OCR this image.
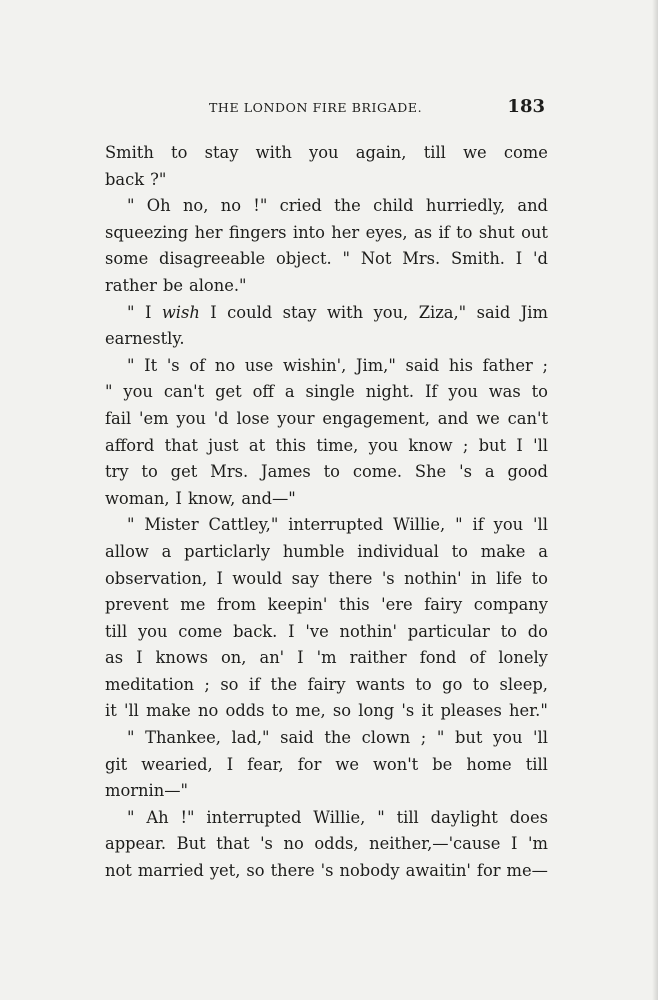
THE LONDON FIRE BRIGADE.	183
Smith to stay with you again, till we come
back ?"
" Oh no, no !" cried the child hurriedly, and
squeezing her fingers into her eyes, as if to shut out
some disagreeable object. " Not Mrs. Smith. I 'd
rather be alone."
" I wish I could stay with you, Ziza," said Jim
earnestly.
" It 's of no use wishin', Jim," said his father ;
" you can't get off a single night. If you was to
fail 'em you 'd lose your engagement, and we can't
afford that just at this time, you know ; but I 'll
try to get Mrs. James to come. She 's a good
woman, I know, and—"
" Mister Cattley," interrupted Willie, " if you 'll
allow a particlarly humble individual to make a
observation, I would say there 's nothin' in life to
prevent me from keepin' this 'ere fairy company
till you come back. I 've nothin' particular to do
as I knows on, an' I 'm raither fond of lonely
meditation ; so if the fairy wants to go to sleep,
it 'll make no odds to me, so long 's it pleases her."
" Thankee, lad," said the clown ; " but you 'll
git wearied, I fear, for we won't be home till
mornin—"
" Ah !" interrupted Willie, " till daylight does
appear. But that 's no odds, neither,—'cause I 'm
not married yet, so there 's nobody awaitin' for me—
